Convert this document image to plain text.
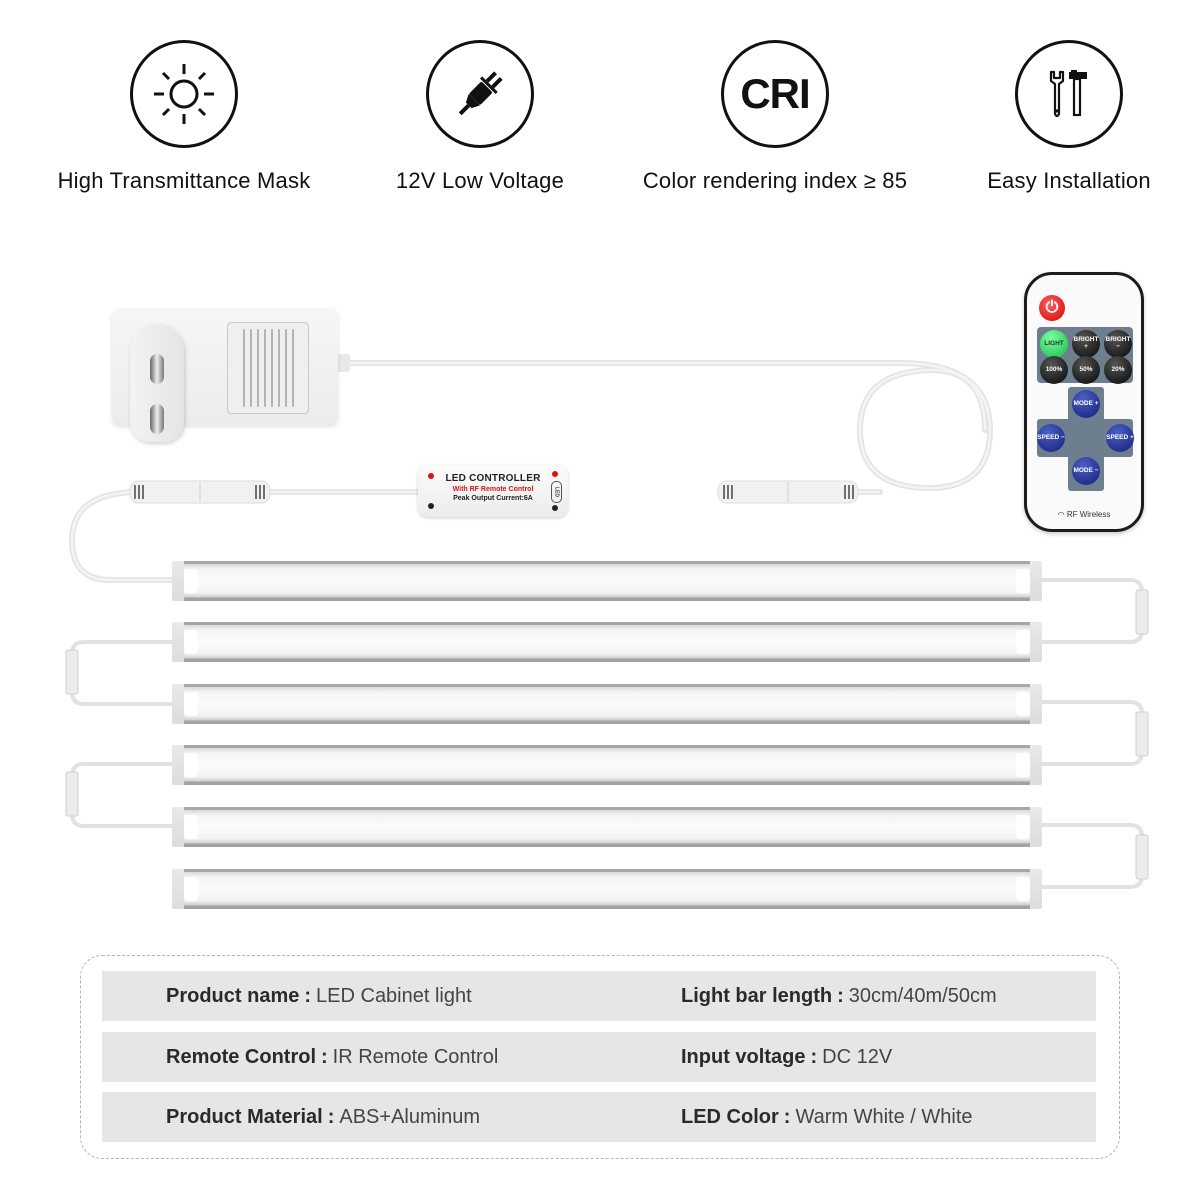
High Transmittance Mask	12V Low Voltage
CRI
Color rendering index ≥ 85	Easy Installation
LED CONTROLLER
With RF Remote Control
Peak Output Current:6A
LED
⏻
LIGHT	BRIGHT +
BRIGHT −
100%	50%	20%
MODE +
SPEED −	SPEED +
MODE −
◠ RF Wireless
Product name : LED Cabinet light	Light bar length : 30cm/40m/50cm
Remote Control : IR Remote Control	Input voltage : DC 12V
Product Material : ABS+Aluminum	LED Color : Warm White / White
